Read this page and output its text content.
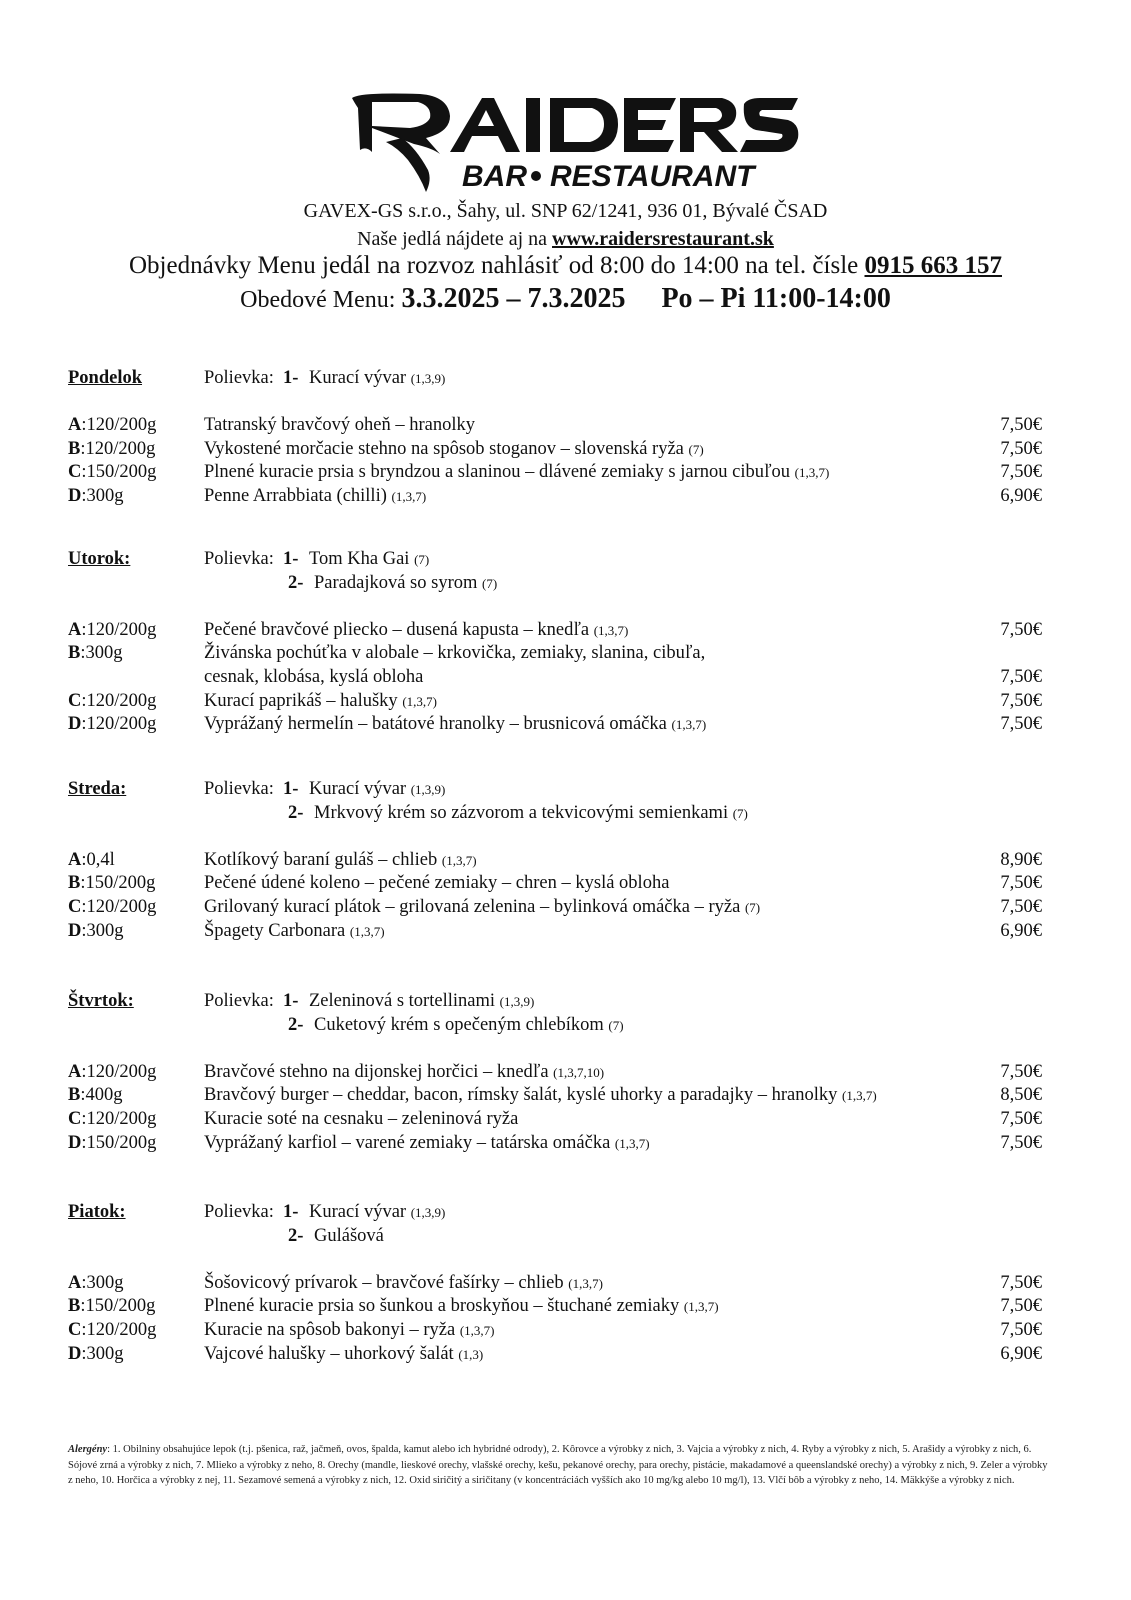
BAR RESTAURANT
GAVEX-GS s.r.o., Šahy, ul. SNP 62/1241, 936 01, Bývalé ČSAD
Naše jedlá nájdete aj na www.raidersrestaurant.sk
Objednávky Menu jedál na rozvoz nahlásiť od 8:00 do 14:00 na tel. čísle 0915 663 157
Obedové Menu: 3.3.2025 – 7.3.2025 Po – Pi 11:00-14:00
Pondelok	Polievka: 1- Kurací vývar (1,3,9)
A:120/200g	Tatranský bravčový oheň – hranolky	7,50€
B:120/200g	Vykostené morčacie stehno na spôsob stoganov – slovenská ryža (7)	7,50€
C:150/200g	Plnené kuracie prsia s bryndzou a slaninou – dlávené zemiaky s jarnou cibuľou (1,3,7)	7,50€
D:300g	Penne Arrabbiata (chilli) (1,3,7)	6,90€
Utorok:	Polievka: 1- Tom Kha Gai (7)
2- Paradajková so syrom (7)
A:120/200g	Pečené bravčové pliecko – dusená kapusta – knedľa (1,3,7)	7,50€
B:300g	Živánska pochúťka v alobale – krkovička, zemiaky, slanina, cibuľa,
cesnak, klobása, kyslá obloha	7,50€
C:120/200g	Kurací paprikáš – halušky (1,3,7)	7,50€
D:120/200g	Vyprážaný hermelín – batátové hranolky – brusnicová omáčka (1,3,7)	7,50€
Streda:	Polievka: 1- Kurací vývar (1,3,9)
2- Mrkvový krém so zázvorom a tekvicovými semienkami (7)
A:0,4l	Kotlíkový baraní guláš – chlieb (1,3,7)	8,90€
B:150/200g	Pečené údené koleno – pečené zemiaky – chren – kyslá obloha	7,50€
C:120/200g	Grilovaný kurací plátok – grilovaná zelenina – bylinková omáčka – ryža (7)	7,50€
D:300g	Špagety Carbonara (1,3,7)	6,90€
Štvrtok:	Polievka: 1- Zeleninová s tortellinami (1,3,9)
2- Cuketový krém s opečeným chlebíkom (7)
A:120/200g	Bravčové stehno na dijonskej horčici – knedľa (1,3,7,10)	7,50€
B:400g	Bravčový burger – cheddar, bacon, rímsky šalát, kyslé uhorky a paradajky – hranolky (1,3,7)	8,50€
C:120/200g	Kuracie soté na cesnaku – zeleninová ryža	7,50€
D:150/200g	Vyprážaný karfiol – varené zemiaky – tatárska omáčka (1,3,7)	7,50€
Piatok:	Polievka: 1- Kurací vývar (1,3,9)
2- Gulášová
A:300g	Šošovicový prívarok – bravčové fašírky – chlieb (1,3,7)	7,50€
B:150/200g	Plnené kuracie prsia so šunkou a broskyňou – štuchané zemiaky (1,3,7)	7,50€
C:120/200g	Kuracie na spôsob bakonyi – ryža (1,3,7)	7,50€
D:300g	Vajcové halušky – uhorkový šalát (1,3)	6,90€
Alergény: 1. Obilniny obsahujúce lepok (t.j. pšenica, raž, jačmeň, ovos, špalda, kamut alebo ich hybridné odrody), 2. Kôrovce a výrobky z nich, 3. Vajcia a výrobky z nich, 4. Ryby a výrobky z nich, 5. Arašidy a výrobky z nich, 6. Sójové zrná a výrobky z nich, 7. Mlieko a výrobky z neho, 8. Orechy (mandle, lieskové orechy, vlašské orechy, kešu, pekanové orechy, para orechy, pistácie, makadamové a queenslandské orechy) a výrobky z nich, 9. Zeler a výrobky z neho, 10. Horčica a výrobky z nej, 11. Sezamové semená a výrobky z nich, 12. Oxid siričitý a siričitany (v koncentráciách vyšších ako 10 mg/kg alebo 10 mg/l), 13. Vlčí bôb a výrobky z neho, 14. Mäkkýše a výrobky z nich.
